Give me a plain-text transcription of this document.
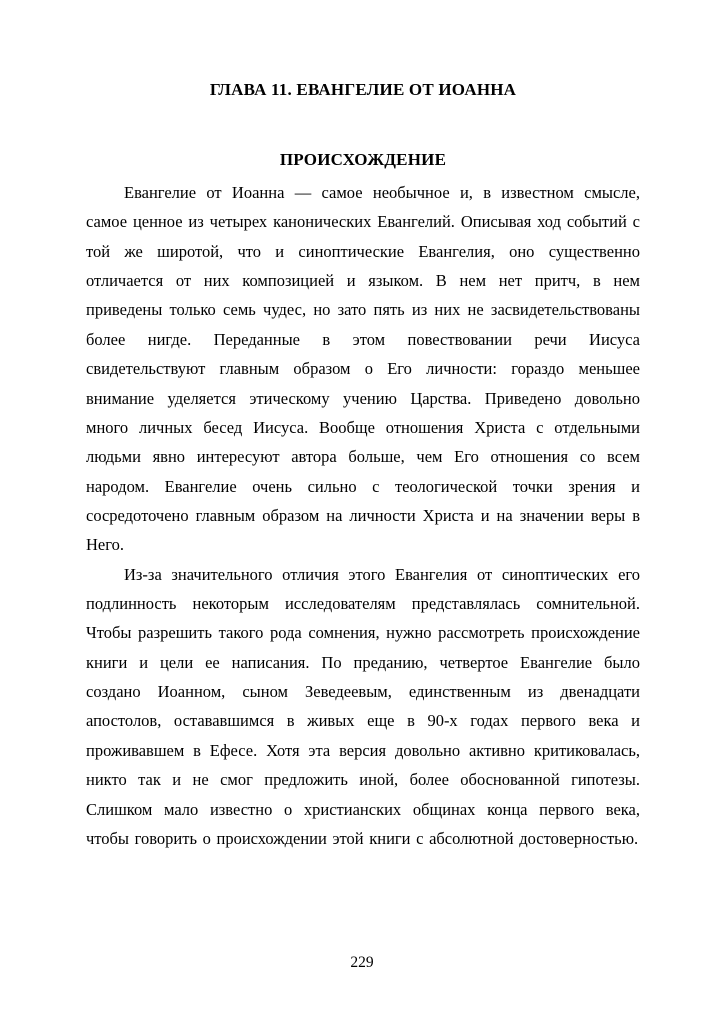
ГЛАВА 11. ЕВАНГЕЛИЕ ОТ ИОАННА
ПРОИСХОЖДЕНИЕ

Евангелие от Иоанна — самое необычное и, в известном смысле, самое ценное из четырех канонических Евангелий. Описывая ход событий с той же широтой, что и синоптические Евангелия, оно существенно отличается от них композицией и языком. В нем нет притч, в нем приведены только семь чудес, но зато пять из них не засвидетельствованы более нигде. Переданные в этом повествовании речи Иисуса свидетельствуют главным образом о Его личности: гораздо меньшее внимание уделяется этическому учению Царства. Приведено довольно много личных бесед Иисуса. Вообще отношения Христа с отдельными людьми явно интересуют автора больше, чем Его отношения со всем народом. Евангелие очень сильно с теологической точки зрения и сосредоточено главным образом на личности Христа и на значении веры в Него.

Из-за значительного отличия этого Евангелия от синоптических его подлинность некоторым исследователям представлялась сомнительной. Чтобы разрешить такого рода сомнения, нужно рассмотреть происхождение книги и цели ее написания. По преданию, четвертое Евангелие было создано Иоанном, сыном Зеведеевым, единственным из двенадцати апостолов, остававшимся в живых еще в 90-х годах первого века и проживавшем в Ефесе. Хотя эта версия довольно активно критиковалась, никто так и не смог предложить иной, более обоснованной гипотезы. Слишком мало известно о христианских общинах конца первого века, чтобы говорить о происхождении этой книги с абсолютной достоверностью.

229
